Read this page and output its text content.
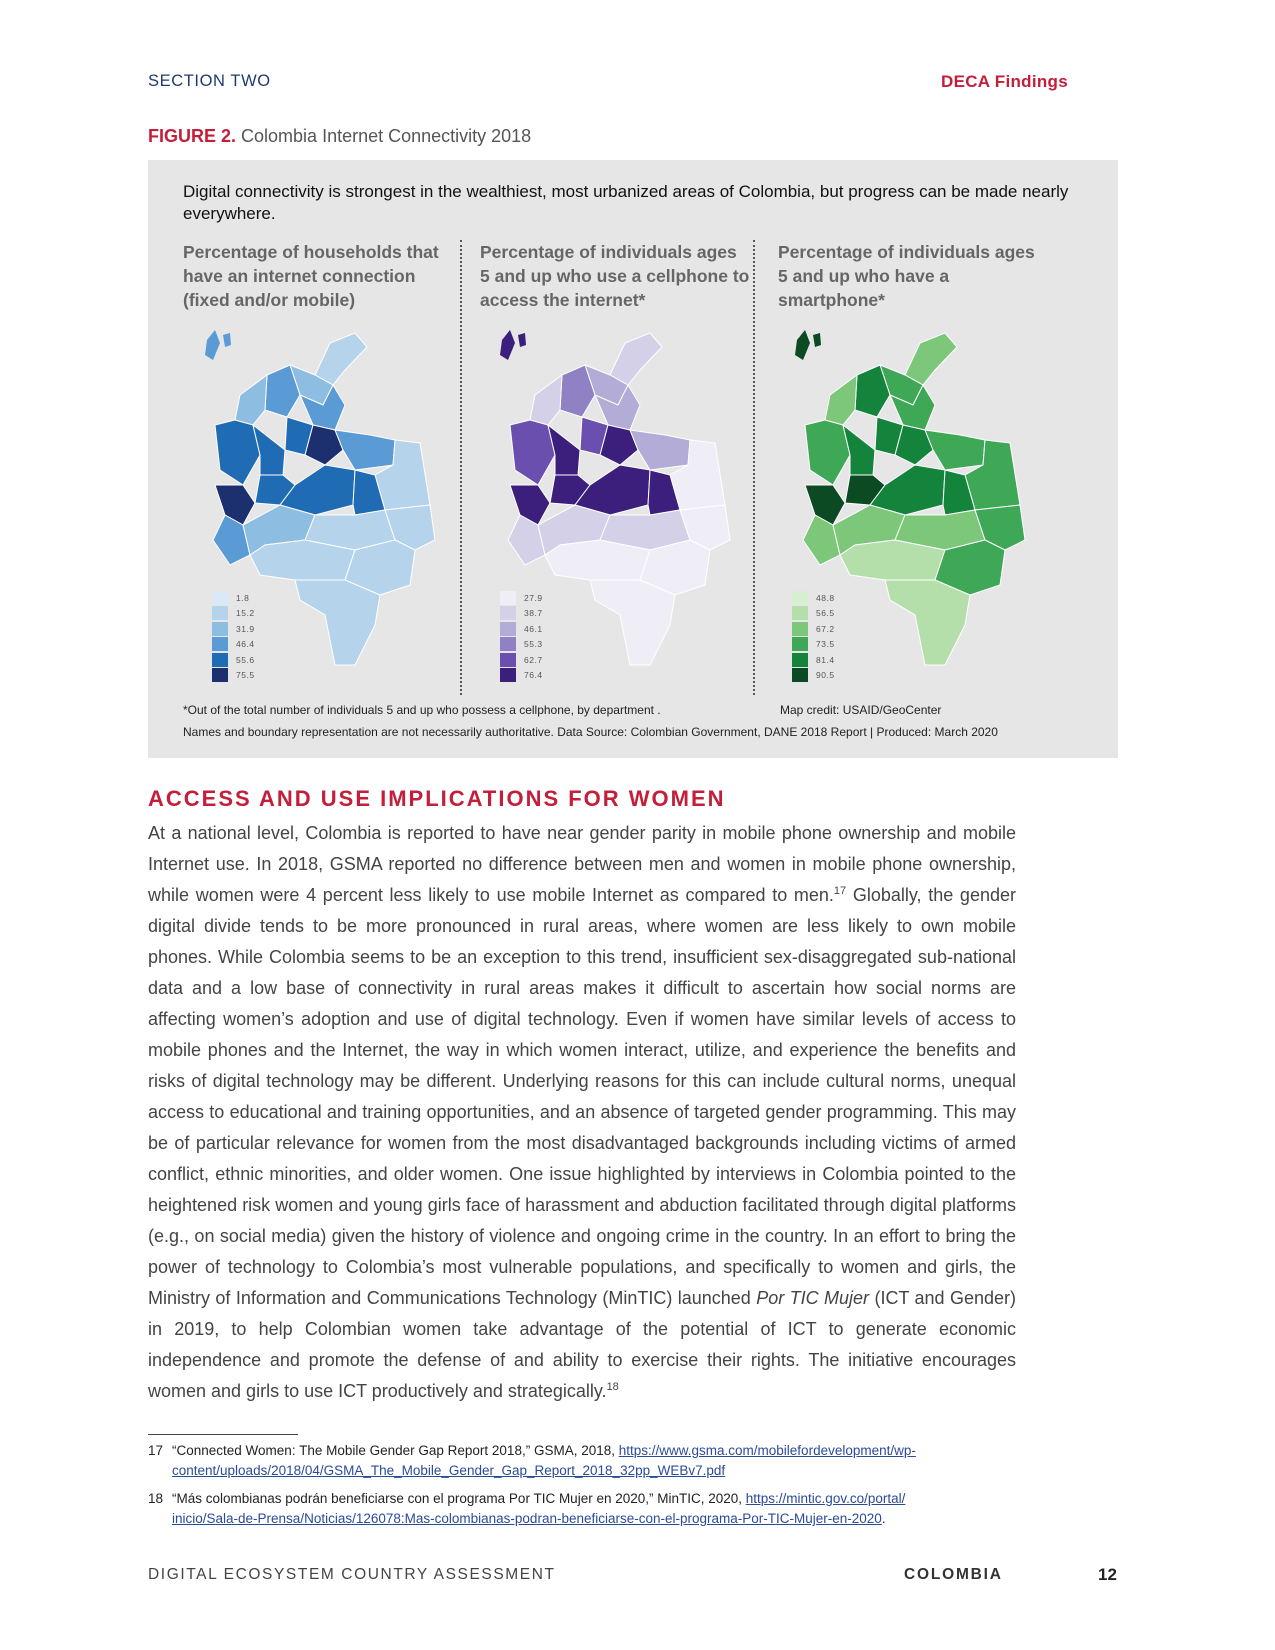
SECTION TWO	DECA Findings
FIGURE 2. Colombia Internet Connectivity 2018
Digital connectivity is strongest in the wealthiest, most urbanized areas of Colombia, but progress can be made nearly everywhere.
Percentage of households that have an internet connection (fixed and/or mobile)
Percentage of individuals ages 5 and up who use a cellphone to access the internet*
Percentage of individuals ages 5 and up who have a smartphone*
1.8
15.2
31.9
46.4
55.6
75.5
27.9
38.7
46.1
55.3
62.7
76.4
48.8
56.5
67.2
73.5
81.4
90.5
*Out of the total number of individuals 5 and up who possess a cellphone, by department .	Map credit: USAID/GeoCenter
Names and boundary representation are not necessarily authoritative. Data Source: Colombian Government, DANE 2018 Report | Produced: March 2020
ACCESS AND USE IMPLICATIONS FOR WOMEN
At a national level, Colombia is reported to have near gender parity in mobile phone ownership and mobile Internet use. In 2018, GSMA reported no difference between men and women in mobile phone ownership, while women were 4 percent less likely to use mobile Internet as compared to men.$^{17}$ Globally, the gender digital divide tends to be more pronounced in rural areas, where women are less likely to own mobile phones. While Colombia seems to be an exception to this trend, insufficient sex-disaggregated sub-national data and a low base of connectivity in rural areas makes it difficult to ascertain how social norms are affecting women’s adoption and use of digital technology. Even if women have similar levels of access to mobile phones and the Internet, the way in which women interact, utilize, and experience the benefits and risks of digital technology may be different. Underlying reasons for this can include cultural norms, unequal access to educational and training opportunities, and an absence of targeted gender programming. This may be of particular relevance for women from the most disadvantaged backgrounds including victims of armed conflict, ethnic minorities, and older women. One issue highlighted by interviews in Colombia pointed to the heightened risk women and young girls face of harassment and abduction facilitated through digital platforms (e.g., on social media) given the history of violence and ongoing crime in the country. In an effort to bring the power of technology to Colombia’s most vulnerable populations, and specifically to women and girls, the Ministry of Information and Communications Technology (MinTIC) launched Por TIC Mujer (ICT and Gender) in 2019, to help Colombian women take advantage of the potential of ICT to generate economic independence and promote the defense of and ability to exercise their rights. The initiative encourages women and girls to use ICT productively and strategically.$^{18}$
17 “Connected Women: The Mobile Gender Gap Report 2018,” GSMA, 2018, https://www.gsma.com/mobilefordevelopment/wp-
content/uploads/2018/04/GSMA_The_Mobile_Gender_Gap_Report_2018_32pp_WEBv7.pdf
18 “Más colombianas podrán beneficiarse con el programa Por TIC Mujer en 2020,” MinTIC, 2020, https://mintic.gov.co/portal/
inicio/Sala-de-Prensa/Noticias/126078:Mas-colombianas-podran-beneficiarse-con-el-programa-Por-TIC-Mujer-en-2020.
DIGITAL ECOSYSTEM COUNTRY ASSESSMENT	COLOMBIA	12
